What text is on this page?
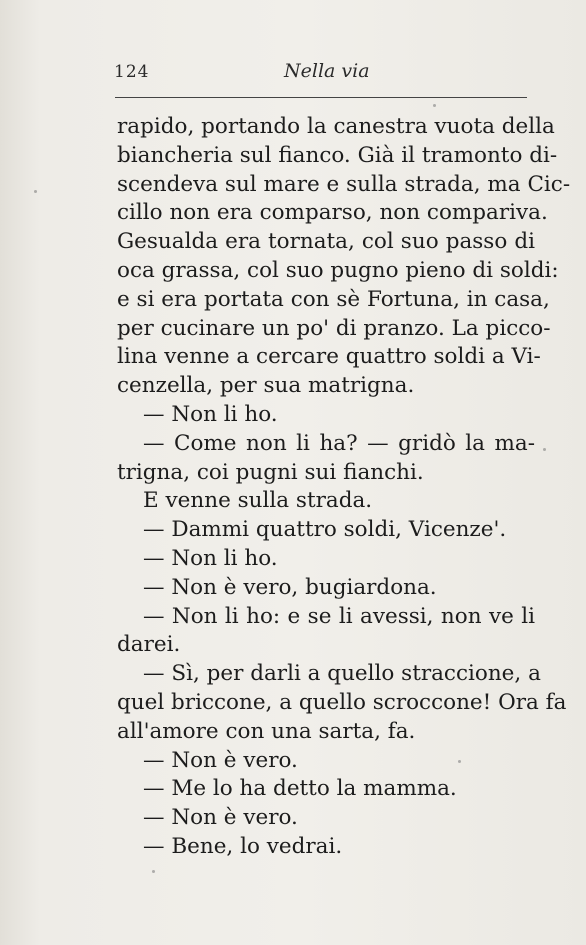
124	Nella via
rapido, portando la canestra vuota della
biancheria sul fianco. Già il tramonto di-
scendeva sul mare e sulla strada, ma Cic-
cillo non era comparso, non compariva.
Gesualda era tornata, col suo passo di
oca grassa, col suo pugno pieno di soldi:
e si era portata con sè Fortuna, in casa,
per cucinare un po' di pranzo. La picco-
lina venne a cercare quattro soldi a Vi-
cenzella, per sua matrigna.
— Non li ho.
— Come non li ha? — gridò la ma-
trigna, coi pugni sui fianchi.
E venne sulla strada.
— Dammi quattro soldi, Vicenze'.
— Non li ho.
— Non è vero, bugiardona.
— Non li ho: e se li avessi, non ve li
darei.
— Sì, per darli a quello straccione, a
quel briccone, a quello scroccone! Ora fa
all'amore con una sarta, fa.
— Non è vero.
— Me lo ha detto la mamma.
— Non è vero.
— Bene, lo vedrai.
